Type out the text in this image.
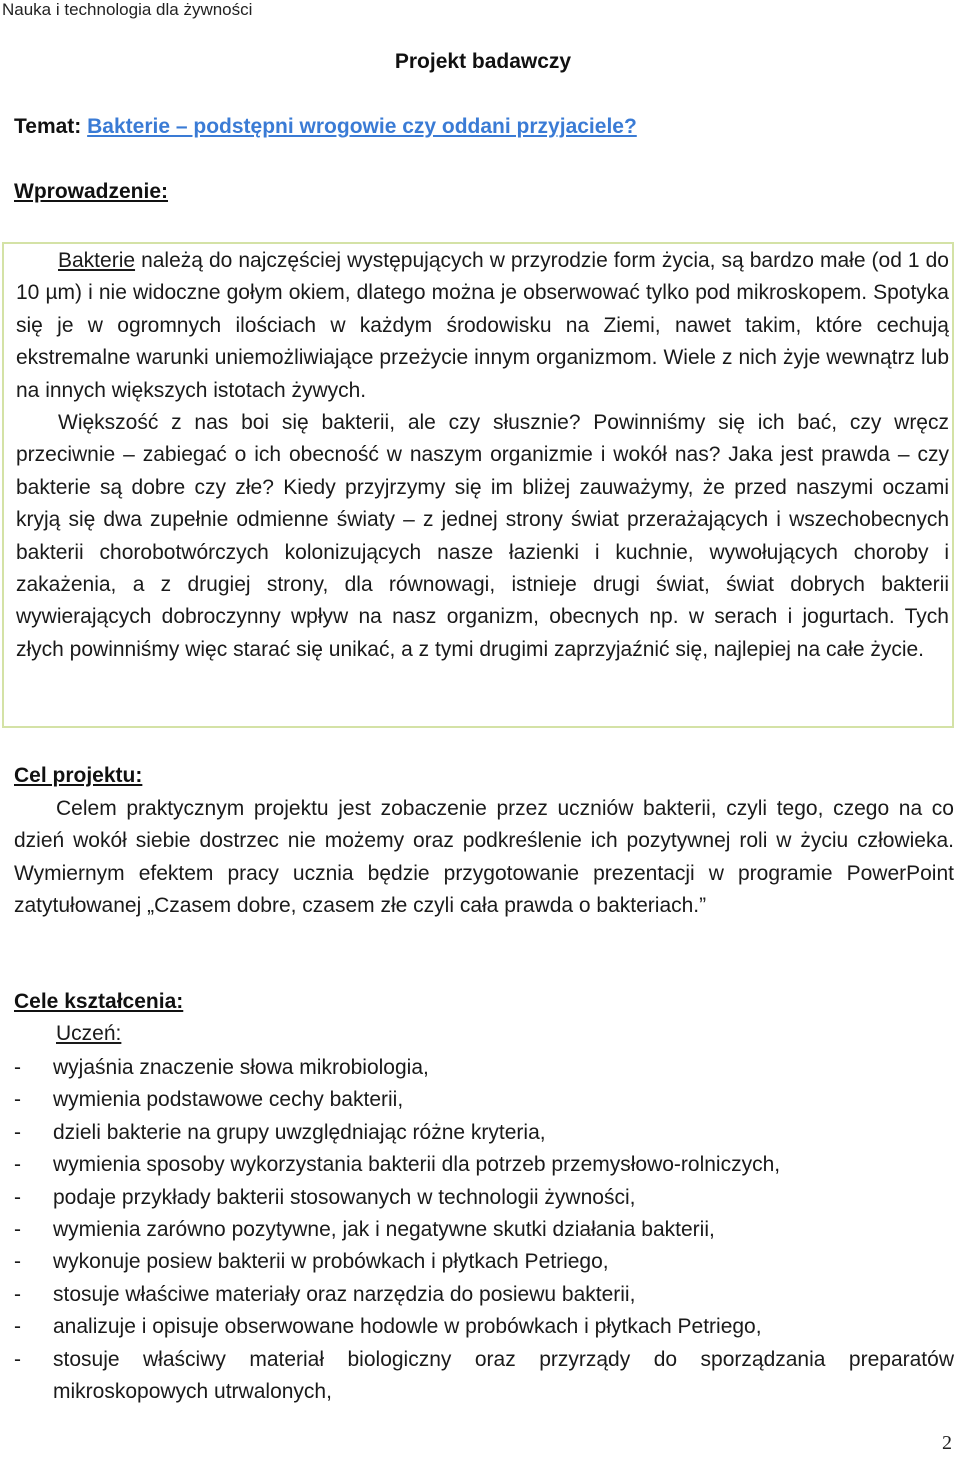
Nauka i technologia dla żywności
Projekt badawczy
Temat: Bakterie – podstępni wrogowie czy oddani przyjaciele?
Wprowadzenie:

Bakterie należą do najczęściej występujących w przyrodzie form życia, są bardzo małe (od 1 do 10 µm) i nie widoczne gołym okiem, dlatego można je obserwować tylko pod mikroskopem. Spotyka się je w ogromnych ilościach w każdym środowisku na Ziemi, nawet takim, które cechują ekstremalne warunki uniemożliwiające przeżycie innym organizmom. Wiele z nich żyje wewnątrz lub na innych większych istotach żywych.

Większość z nas boi się bakterii, ale czy słusznie? Powinniśmy się ich bać, czy wręcz przeciwnie – zabiegać o ich obecność w naszym organizmie i wokół nas? Jaka jest prawda – czy bakterie są dobre czy złe? Kiedy przyjrzymy się im bliżej zauważymy, że przed naszymi oczami kryją się dwa zupełnie odmienne światy – z jednej strony świat przerażających i wszechobecnych bakterii chorobotwórczych kolonizujących nasze łazienki i kuchnie, wywołujących choroby i zakażenia, a z drugiej strony, dla równowagi, istnieje drugi świat, świat dobrych bakterii wywierających dobroczynny wpływ na nasz organizm, obecnych np. w serach i jogurtach. Tych złych powinniśmy więc starać się unikać, a z tymi drugimi zaprzyjaźnić się, najlepiej na całe życie.

Cel projektu:

Celem praktycznym projektu jest zobaczenie przez uczniów bakterii, czyli tego, czego na co dzień wokół siebie dostrzec nie możemy oraz podkreślenie ich pozytywnej roli w życiu człowieka. Wymiernym efektem pracy ucznia będzie przygotowanie prezentacji w programie PowerPoint zatytułowanej „Czasem dobre, czasem złe czyli cała prawda o bakteriach.”

Cele kształcenia:
Uczeń:
- wyjaśnia znaczenie słowa mikrobiologia,
- wymienia podstawowe cechy bakterii,
- dzieli bakterie na grupy uwzględniając różne kryteria,
- wymienia sposoby wykorzystania bakterii dla potrzeb przemysłowo-rolniczych,
- podaje przykłady bakterii stosowanych w technologii żywności,
- wymienia zarówno pozytywne, jak i negatywne skutki działania bakterii,
- wykonuje posiew bakterii w probówkach i płytkach Petriego,
- stosuje właściwe materiały oraz narzędzia do posiewu bakterii,
- analizuje i opisuje obserwowane hodowle w probówkach i płytkach Petriego,
- stosuje właściwy materiał biologiczny oraz przyrządy do sporządzania preparatów mikroskopowych utrwalonych,
2
